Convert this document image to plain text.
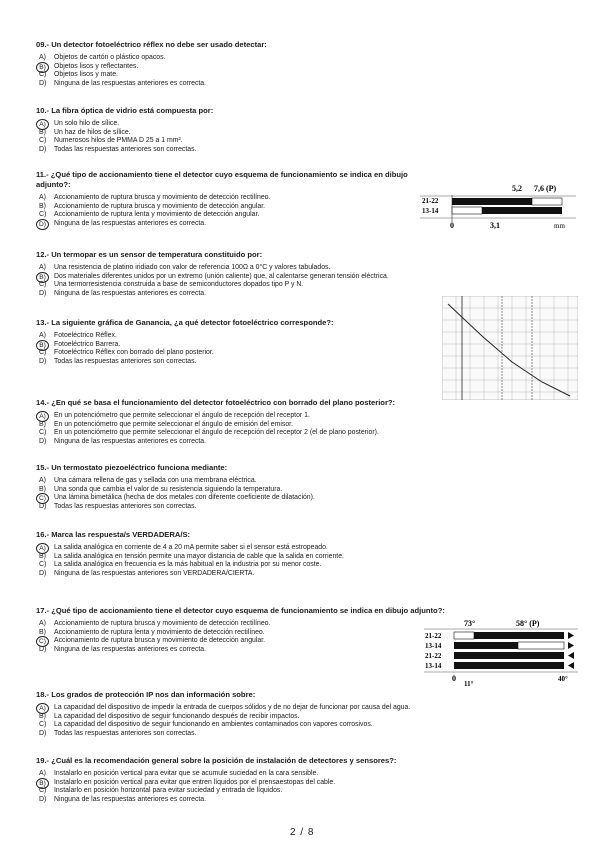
09.- Un detector fotoeléctrico réflex no debe ser usado detectar:
A) Objetos de cartón o plástico opacos.
B)	Objetos lisos y reflectantes.
C) Objetos lisos y mate.
D) Ninguna de las respuestas anteriores es correcta.
10.- La fibra óptica de vidrio está compuesta por:
A)	Un solo hilo de sílice.
B) Un haz de hilos de sílice.
C) Numerosos hilos de PMMA D 25 a 1 mm².
D) Todas las respuestas anteriores son correctas.
11.- ¿Qué tipo de accionamiento tiene el detector cuyo esquema de funcionamiento se indica en dibujo adjunto?:
A) Accionamiento de ruptura brusca y movimiento de detección rectilíneo.
B) Accionamiento de ruptura brusca y movimiento de detección angular.
C) Accionamiento de ruptura lenta y movimiento de detección angular.
D)	Ninguna de las respuestas anteriores es correcta.
5,2 7,6 (P)
21-22
13-14
0	3,1	mm
12.- Un termopar es un sensor de temperatura constituido por:
A) Una resistencia de platino iridiado con valor de referencia 100Ω a 0°C y valores tabulados.
B)	Dos materiales diferentes unidos por un extremo (unión caliente) que, al calentarse generan tensión eléctrica.
C) Una termorresistencia construida a base de semiconductores dopados tipo P y N.
D) Ninguna de las respuestas anteriores es correcta.
13.- La siguiente gráfica de Ganancia, ¿a qué detector fotoeléctrico corresponde?:
A) Fotoeléctrico Réflex.
B)	Fotoeléctrico Barrera.
C) Fotoeléctrico Réflex con borrado del plano posterior.
D) Todas las respuestas anteriores son correctas.
14.- ¿En qué se basa el funcionamiento del detector fotoeléctrico con borrado del plano posterior?:
A)	En un potenciómetro que permite seleccionar el ángulo de recepción del receptor 1.
B) En un potenciómetro que permite seleccionar el ángulo de emisión del emisor.
C) En un potenciómetro que permite seleccionar el ángulo de recepción del receptor 2 (el de plano posterior).
D) Ninguna de las respuestas anteriores es correcta.
15.- Un termostato piezoeléctrico funciona mediante:
A) Una cámara rellena de gas y sellada con una membrana eléctrica.
B) Una sonda que cambia el valor de su resistencia siguiendo la temperatura.
C)	Una lámina bimetálica (hecha de dos metales con diferente coeficiente de dilatación).
D) Todas las respuestas anteriores son correctas.
16.- Marca las respuesta/s VERDADERA/S:
A)	La salida analógica en corriente de 4 a 20 mA permite saber si el sensor está estropeado.
B) La salida analógica en tensión permite una mayor distancia de cable que la salida en corriente.
C) La salida analógica en frecuencia es la más habitual en la industria por su menor coste.
D) Ninguna de las respuestas anteriores son VERDADERA/CIERTA.
17.- ¿Qué tipo de accionamiento tiene el detector cuyo esquema de funcionamiento se indica en dibujo adjunto?:
A) Accionamiento de ruptura brusca y movimiento de detección rectilíneo.
B) Accionamiento de ruptura lenta y movimiento de detección rectilíneo.
C)	Accionamiento de ruptura brusca y movimiento de detección angular.
D) Ninguna de las respuestas anteriores es correcta.
73°	58° (P)
21-22
13-14
21-22
13-14
0
11°
40°
18.- Los grados de protección IP nos dan información sobre:
A)	La capacidad del dispositivo de impedir la entrada de cuerpos sólidos y de no dejar de funcionar por causa del agua.
B) La capacidad del dispositivo de seguir funcionando después de recibir impactos.
C) La capacidad del dispositivo de seguir funcionando en ambientes contaminados con vapores corrosivos.
D) Todas las respuestas anteriores son correctas.
19.- ¿Cuál es la recomendación general sobre la posición de instalación de detectores y sensores?:
A) Instalarlo en posición vertical para evitar que se acumule suciedad en la cara sensible.
B)	Instalarlo en posición vertical para evitar que entren líquidos por el prensaestopas del cable.
C) Instalarlo en posición horizontal para evitar suciedad y entrada de líquidos.
D) Ninguna de las respuestas anteriores es correcta.
2 / 8
